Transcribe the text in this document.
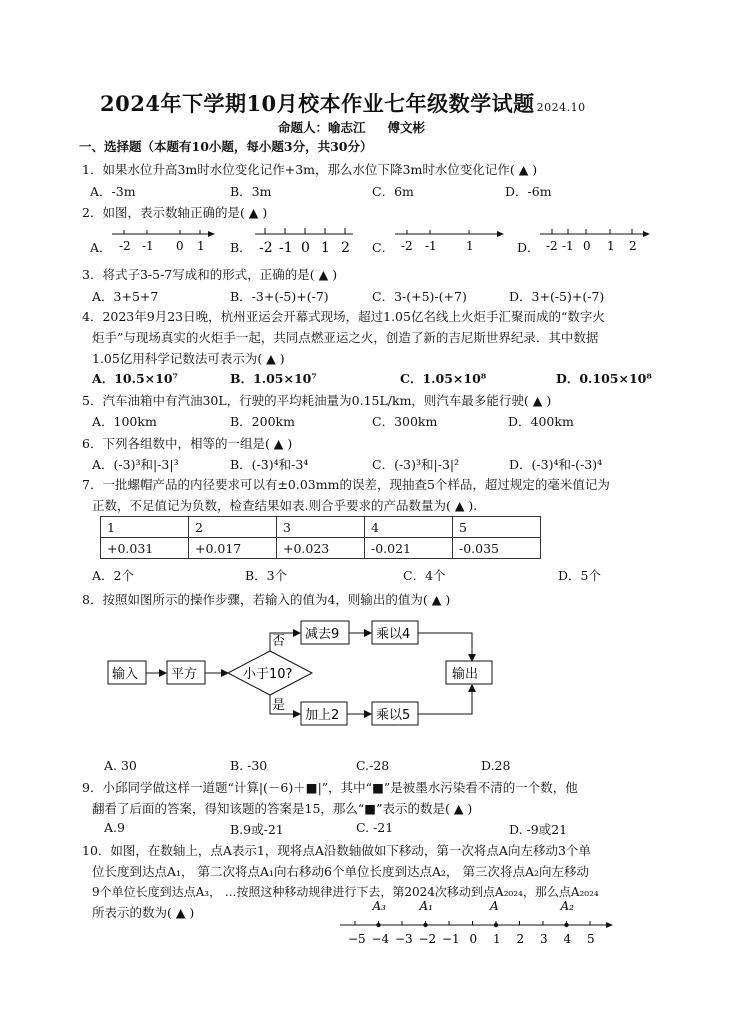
2024年下学期10月校本作业七年级数学试题 2024.10
命题人：喻志江 傅文彬
一、选择题（本题有10小题，每小题3分，共30分）
1．如果水位升高3m时水位变化记作+3m，那么水位下降3m时水位变化记作( ▲ )
A．-3m	B．3m	C．6m	D．-6m
2．如图，表示数轴正确的是( ▲ )
A．	B．	C．	D．
-2 -1 0 1	-2 -1 0 1 2	-2 -1 1	-2 -1 0 1 2
3．将式子3-5-7写成和的形式，正确的是( ▲ )
A．3+5+7	B．-3+(-5)+(-7)	C．3-(+5)-(+7)	D．3+(-5)+(-7)
4．2023年9月23日晚，杭州亚运会开幕式现场，超过1.05亿名线上火炬手汇聚而成的“数字火
炬手”与现场真实的火炬手一起，共同点燃亚运之火，创造了新的吉尼斯世界纪录．其中数据
1.05亿用科学记数法可表示为( ▲ )
A．10.5×10⁷	B．1.05×10⁷	C．1.05×10⁸	D．0.105×10⁸
5．汽车油箱中有汽油30L，行驶的平均耗油量为0.15L/km，则汽车最多能行驶( ▲ )
A．100km	B．200km	C．300km	D．400km
6．下列各组数中，相等的一组是( ▲ )
A．(-3)³和|-3|³	B．(-3)⁴和-3⁴	C．(-3)³和|-3|²	D．(-3)⁴和-(-3)⁴
7．一批螺帽产品的内径要求可以有±0.03mm的误差，现抽查5个样品，超过规定的毫米值记为
正数，不足值记为负数，检查结果如表.则合乎要求的产品数量为( ▲ ).
1	2	3	4	5
+0.031	+0.017	+0.023	-0.021	-0.035
A．2个	B．3个	C．4个	D．5个
8．按照如图所示的操作步骤，若输入的值为4，则输出的值为( ▲ )
输入	平方	小于10?
否 减去9	乘以4
是
加上2	乘以5
输出
A. 30	B. -30	C.-28	D.28
9．小邱同学做这样一道题“计算|(－6)＋■|”，其中“■”是被墨水污染看不清的一个数，他
翻看了后面的答案，得知该题的答案是15，那么“■”表示的数是( ▲ )
A.9	B.9或-21	C. -21	D. -9或21
10．如图，在数轴上，点A表示1，现将点A沿数轴做如下移动，第一次将点A向左移动3个单
位长度到达点A₁， 第二次将点A₁向右移动6个单位长度到达点A₂， 第三次将点A₂向左移动
9个单位长度到达点A₃， ...按照这种移动规律进行下去，第2024次移动到点A₂₀₂₄，那么点A₂₀₂₄
所表示的数为( ▲ )
−5 −4 −3 −2 −1 0 1 2 3 4 5
A₃	A₁	A	A₂
